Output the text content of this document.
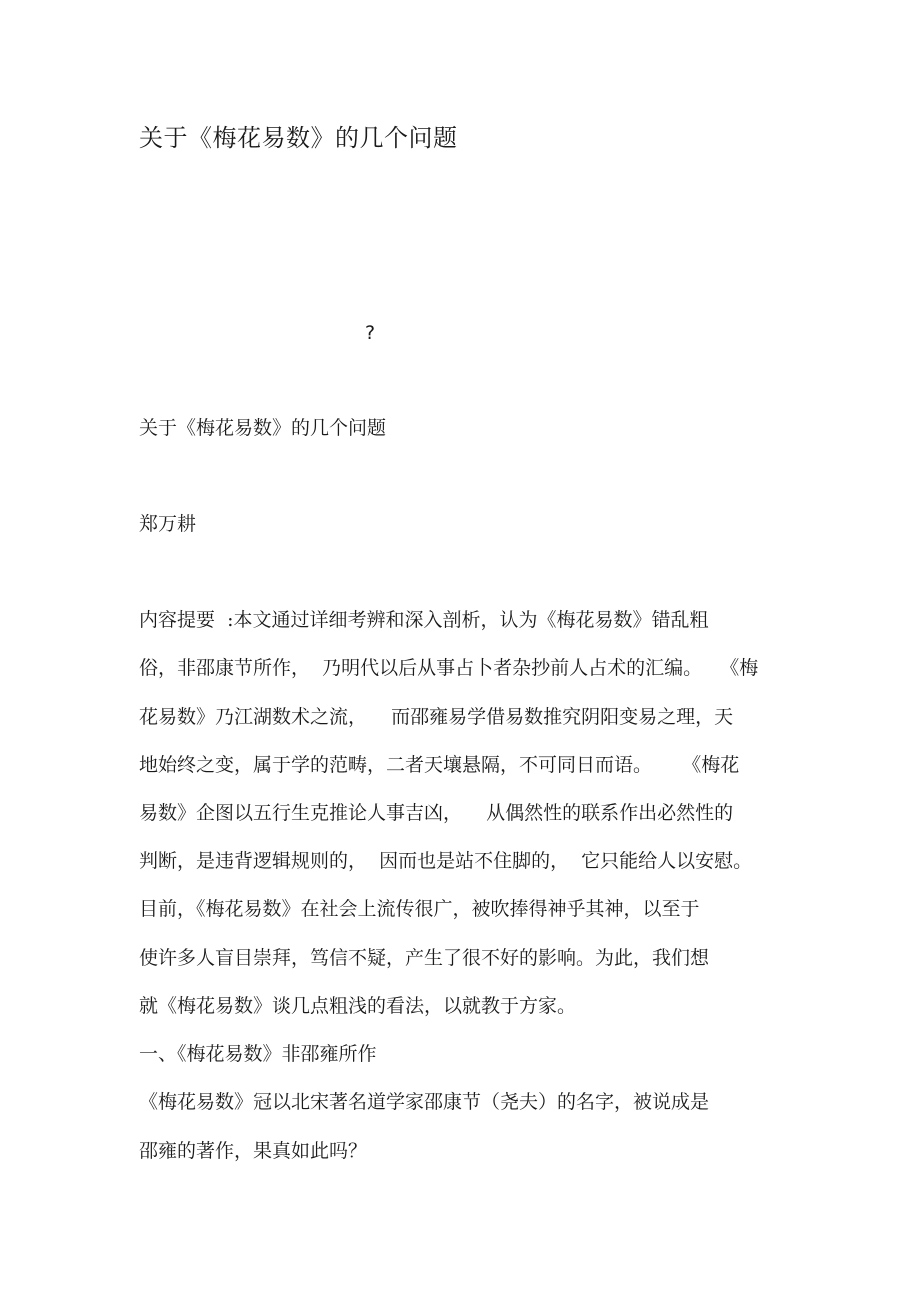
关于《梅花易数》的几个问题
?
关于《梅花易数》的几个问题
郑万耕
内容提要  :本文通过详细考辨和深入剖析，认为《梅花易数》错乱粗
俗，非邵康节所作，  乃明代以后从事占卜者杂抄前人占术的汇编。   《梅
花易数》乃江湖数术之流，    而邵雍易学借易数推究阴阳变易之理，天
地始终之变，属于学的范畴，二者天壤悬隔，不可同日而语。     《梅花
易数》企图以五行生克推论人事吉凶，    从偶然性的联系作出必然性的
判断，是违背逻辑规则的，  因而也是站不住脚的，  它只能给人以安慰。
目前，《梅花易数》在社会上流传很广，被吹捧得神乎其神，以至于
使许多人盲目崇拜，笃信不疑，产生了很不好的影响。为此，我们想
就《梅花易数》谈几点粗浅的看法，以就教于方家。
一、《梅花易数》非邵雍所作
《梅花易数》冠以北宋著名道学家邵康节（尧夫）的名字，被说成是
邵雍的著作，果真如此吗？
